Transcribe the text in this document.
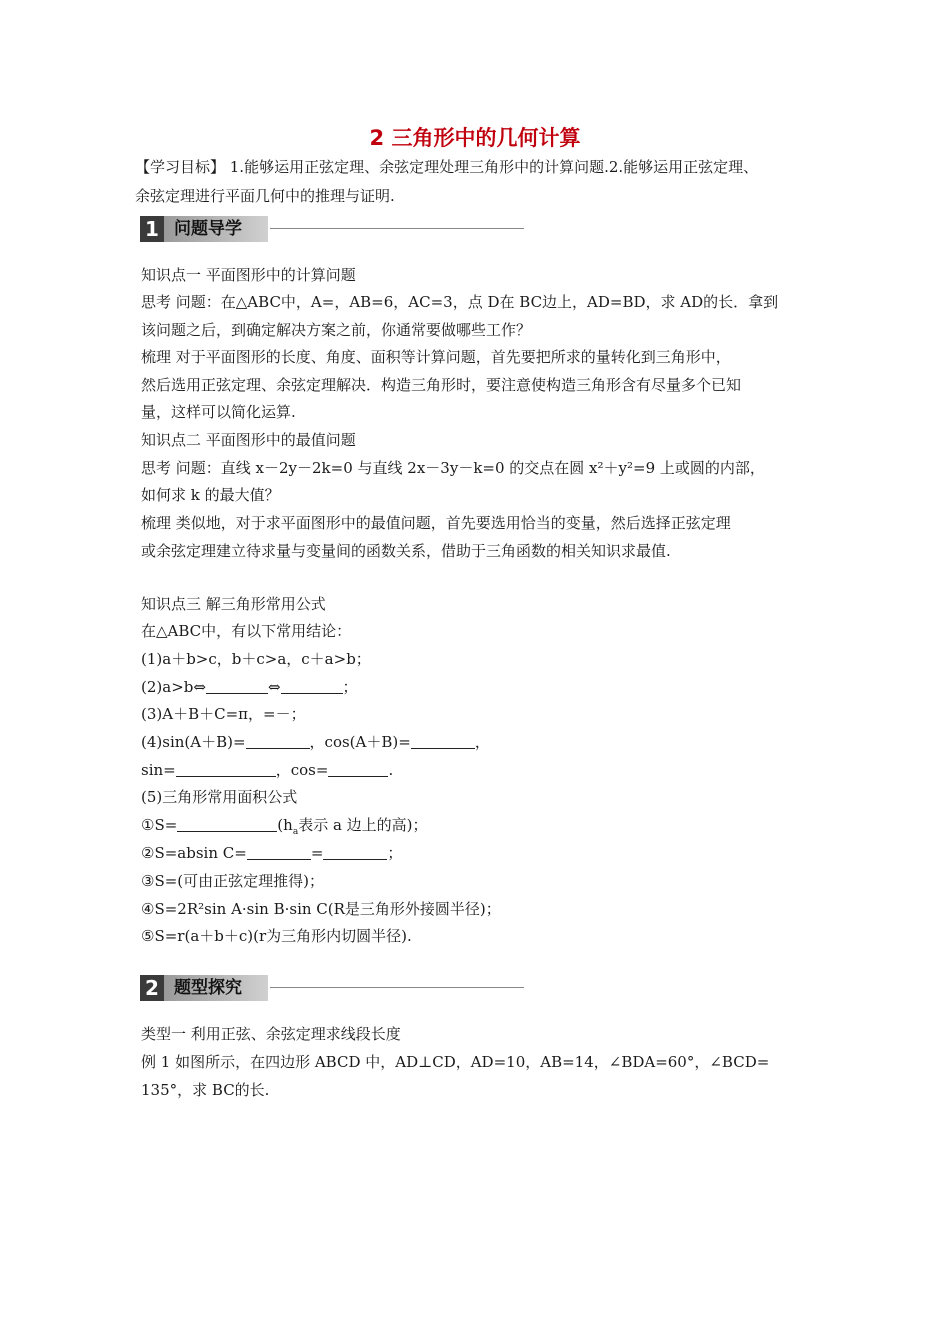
2 三角形中的几何计算
【学习目标】 1.能够运用正弦定理、余弦定理处理三角形中的计算问题.2.能够运用正弦定理、
余弦定理进行平面几何中的推理与证明.
1 问题导学
知识点一 平面图形中的计算问题
思考 问题：在△ABC中，A=，AB=6，AC=3，点 D在 BC边上，AD=BD，求 AD的长．拿到
该问题之后，到确定解决方案之前，你通常要做哪些工作？
梳理 对于平面图形的长度、角度、面积等计算问题，首先要把所求的量转化到三角形中，
然后选用正弦定理、余弦定理解决．构造三角形时，要注意使构造三角形含有尽量多个已知
量，这样可以简化运算.
知识点二 平面图形中的最值问题
思考 问题：直线 x－2y－2k=0 与直线 2x－3y－k=0 的交点在圆 x²＋y²=9 上或圆的内部，
如何求 k 的最大值？
梳理 类似地，对于求平面图形中的最值问题，首先要选用恰当的变量，然后选择正弦定理
或余弦定理建立待求量与变量间的函数关系，借助于三角函数的相关知识求最值.
知识点三 解三角形常用公式
在△ABC中，有以下常用结论：
(1)a＋b>c，b＋c>a，c＋a>b；
(2)a>b⇔	⇔	；
(3)A＋B＋C=π，=－；
(4)sin(A＋B)=	，cos(A＋B)=	，
sin=	，cos=	.
(5)三角形常用面积公式
①S=	($h_a$表示 a 边上的高)；
②S=absin C=	=	；
③S=(可由正弦定理推得)；
④S=2R²sin A·sin B·sin C(R是三角形外接圆半径)；
⑤S=r(a＋b＋c)(r为三角形内切圆半径).
2 题型探究
类型一 利用正弦、余弦定理求线段长度
例 1 如图所示，在四边形 ABCD 中，AD⊥CD，AD=10，AB=14，∠BDA=60°，∠BCD=
135°，求 BC的长.
